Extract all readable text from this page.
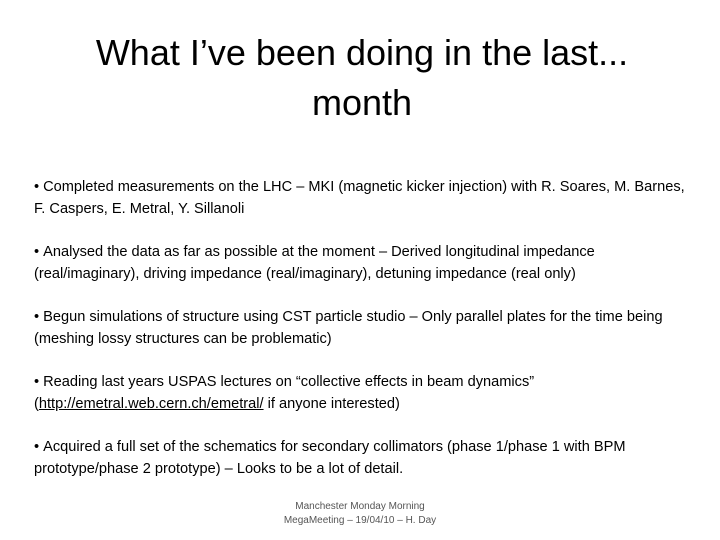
What I’ve been doing in the last...
month
• Completed measurements on the LHC – MKI (magnetic kicker injection) with R. Soares, M. Barnes, F. Caspers, E. Metral, Y. Sillanoli
• Analysed the data as far as possible at the moment – Derived longitudinal impedance (real/imaginary), driving impedance (real/imaginary), detuning impedance (real only)
• Begun simulations of structure using CST particle studio – Only parallel plates for the time being (meshing lossy structures can be problematic)
• Reading last years USPAS lectures on “collective effects in beam dynamics” (http://emetral.web.cern.ch/emetral/ if anyone interested)
• Acquired a full set of the schematics for secondary collimators (phase 1/phase 1 with BPM prototype/phase 2 prototype) – Looks to be a lot of detail.
Manchester Monday Morning
MegaMeeting – 19/04/10 – H. Day
